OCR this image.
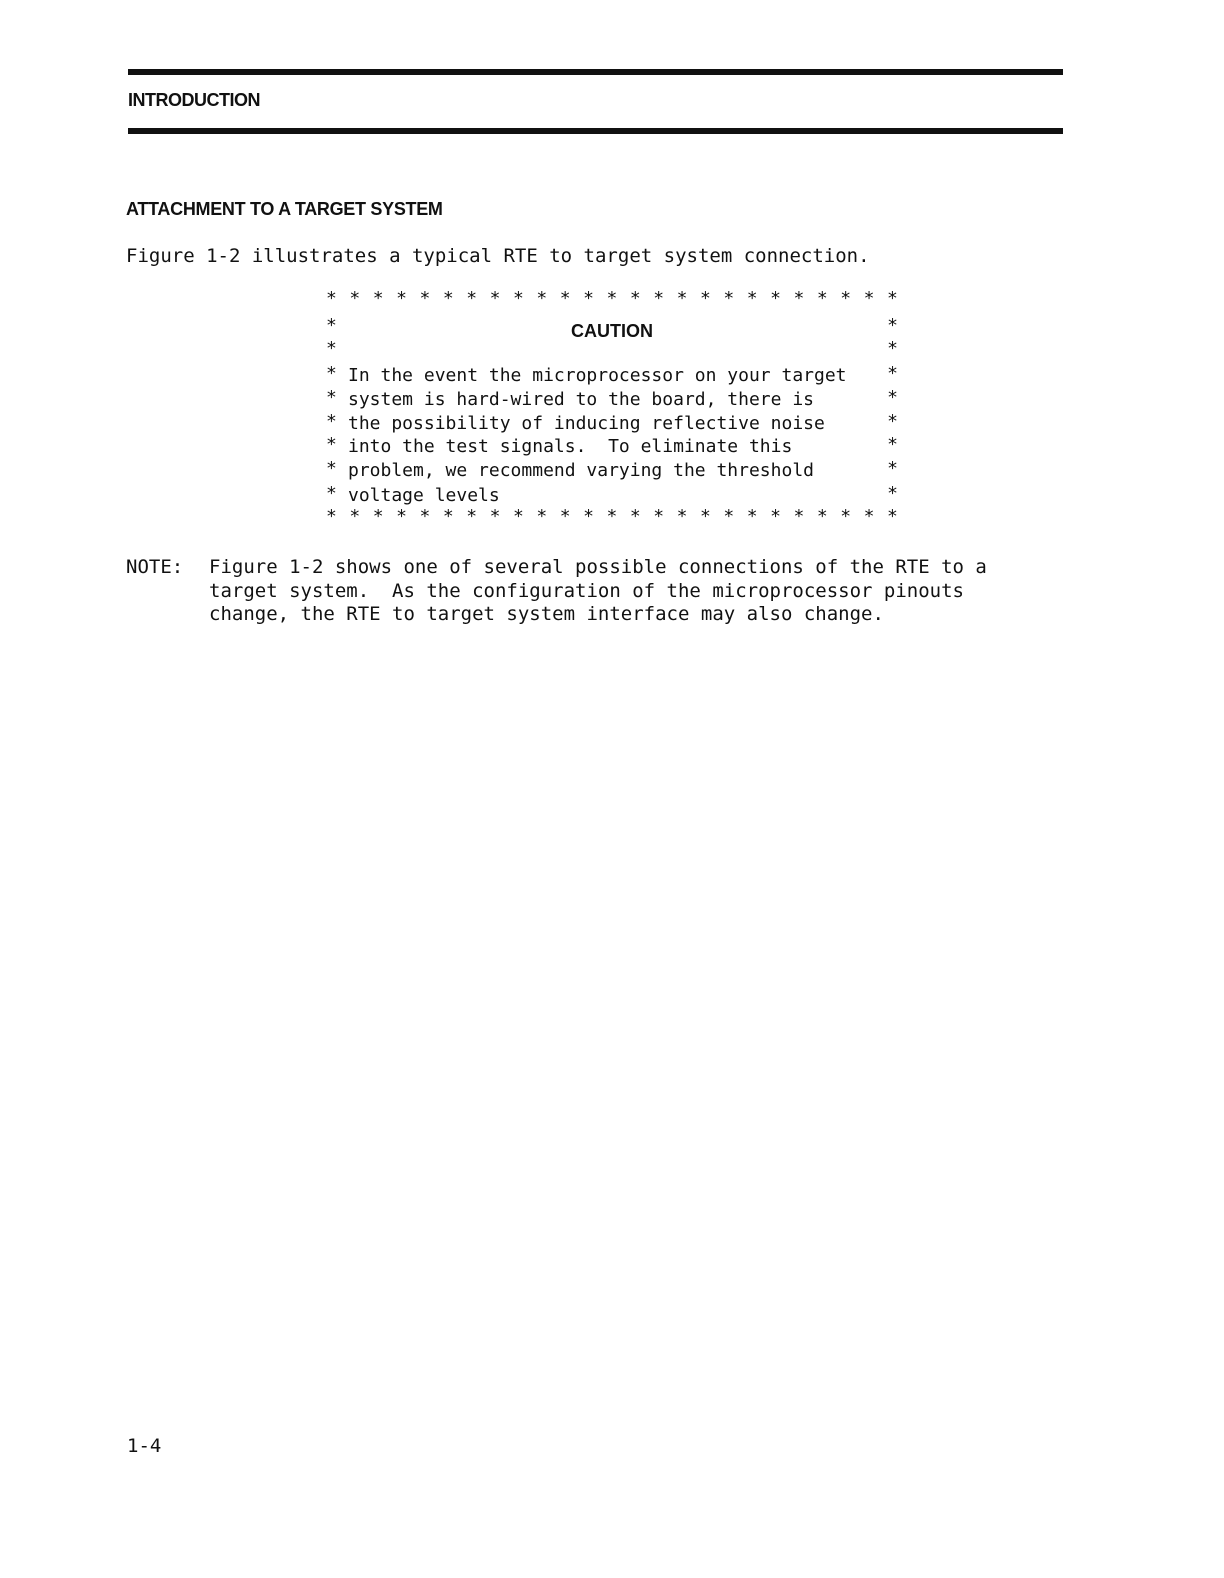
INTRODUCTION
ATTACHMENT TO A TARGET SYSTEM
Figure 1-2 illustrates a typical RTE to target system connection.
* * * * * * * * * * * * * * * * * * * * * * * * *
CAUTION
In the event the microprocessor on your target
system is hard-wired to the board, there is
the possibility of inducing reflective noise
into the test signals.  To eliminate this
problem, we recommend varying the threshold
voltage levels
* * * * * * * * * * * * * * * * * * * * * * * * *
*	*
*	*
*	*
*	*
*	*
*	*
*	*
*	*
NOTE: Figure 1-2 shows one of several possible connections of the RTE to a
target system.  As the configuration of the microprocessor pinouts
change, the RTE to target system interface may also change.
1-4
